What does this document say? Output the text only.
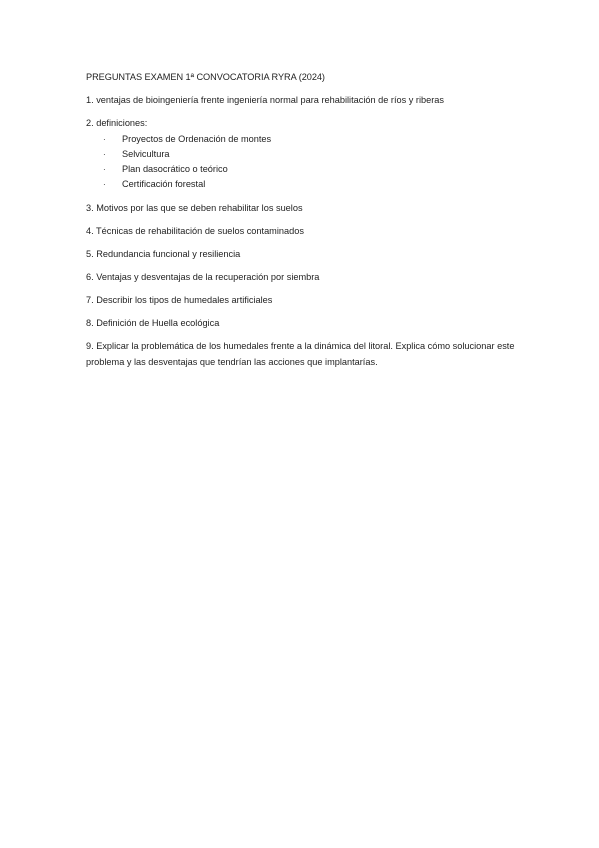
PREGUNTAS EXAMEN 1ª CONVOCATORIA RYRA (2024)
1. ventajas de bioingeniería frente ingeniería normal para rehabilitación de ríos y riberas
2. definiciones:
· Proyectos de Ordenación de montes
· Selvicultura
· Plan dasocrático o teórico
· Certificación forestal
3. Motivos por las que se deben rehabilitar los suelos
4. Técnicas de rehabilitación de suelos contaminados
5. Redundancia funcional y resiliencia
6. Ventajas y desventajas de la recuperación por siembra
7. Describir los tipos de humedales artificiales
8. Definición de Huella ecológica
9. Explicar la problemática de los humedales frente a la dinámica del litoral. Explica cómo solucionar este problema y las desventajas que tendrían las acciones que implantarías.
